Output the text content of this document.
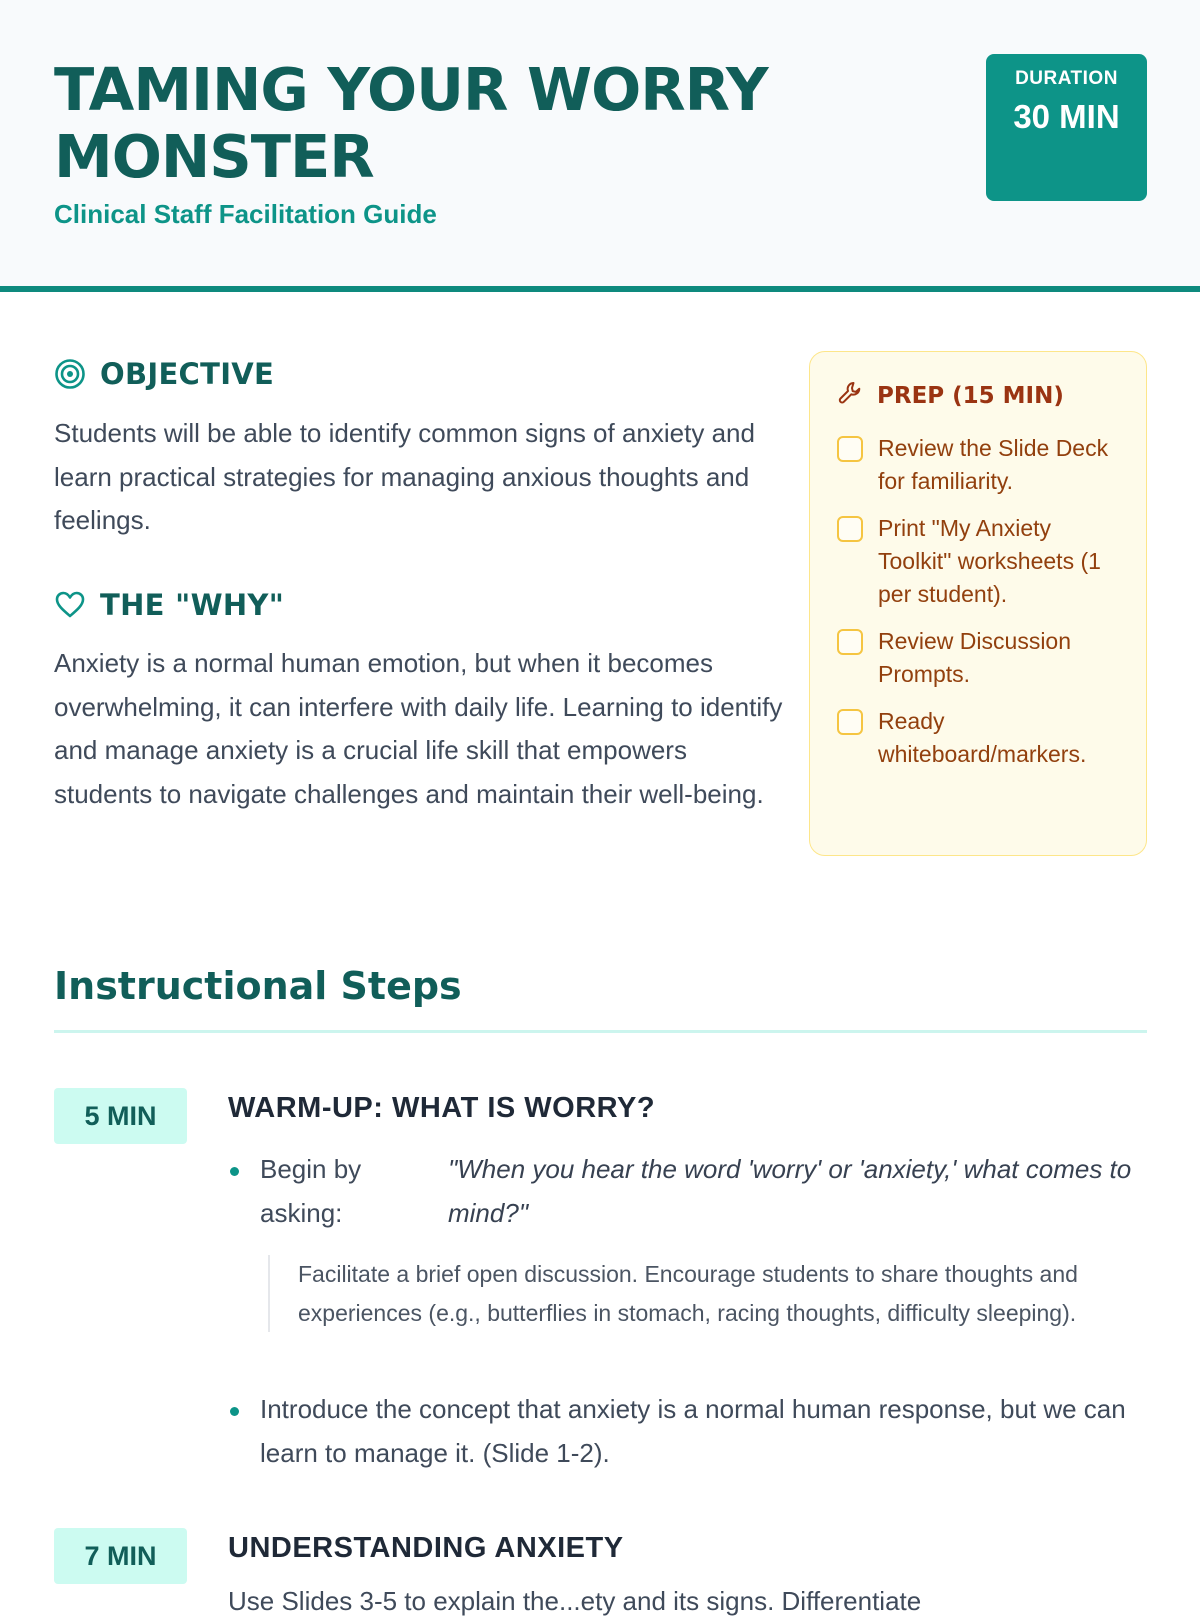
TAMING YOUR WORRY MONSTER
Clinical Staff Facilitation Guide
DURATION
30 MIN
OBJECTIVE

Students will be able to identify common signs of anxiety and learn practical strategies for managing anxious thoughts and feelings.

THE "WHY"

Anxiety is a normal human emotion, but when it becomes overwhelming, it can interfere with daily life. Learning to identify and manage anxiety is a crucial life skill that empowers students to navigate challenges and maintain their well-being.

PREP (15 MIN)
Review the Slide Deck for familiarity.
Print "My Anxiety Toolkit" worksheets (1 per student).
Review Discussion Prompts.
Ready whiteboard/markers.
Instructional Steps
5 MIN	WARM-UP: WHAT IS WORRY?
Begin by asking:
"When you hear the word 'worry' or 'anxiety,' what comes to mind?"
Facilitate a brief open discussion. Encourage students to share thoughts and experiences (e.g., butterflies in stomach, racing thoughts, difficulty sleeping).
Introduce the concept that anxiety is a normal human response, but we can learn to manage it. (Slide 1-2).
7 MIN	UNDERSTANDING ANXIETY
Use Slides 3-5 to explain the...ety and its signs. Differentiate
